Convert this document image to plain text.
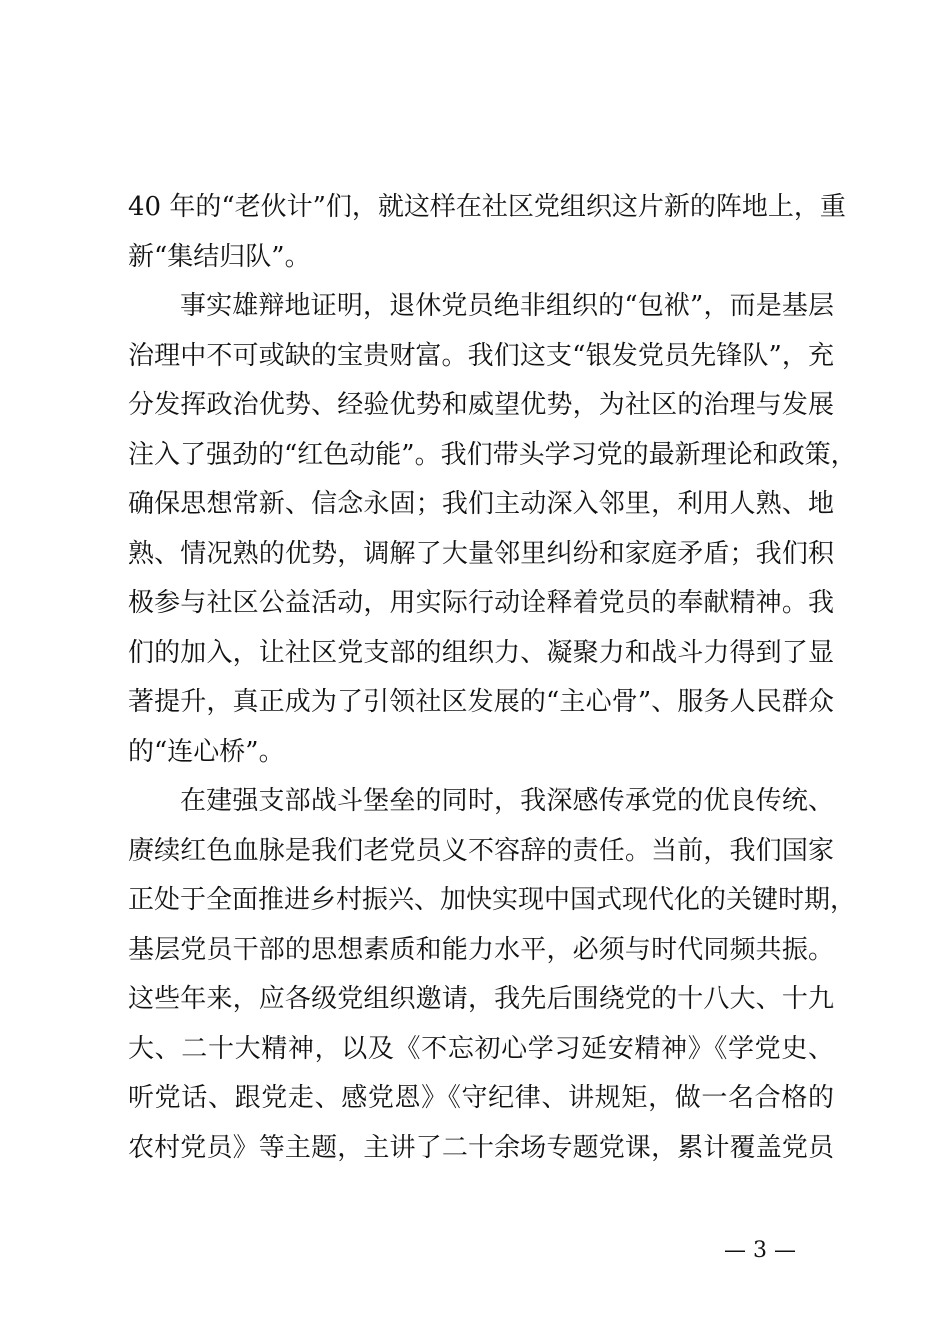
40 年的“老伙计”们，就这样在社区党组织这片新的阵地上，重
新“集结归队”。
事实雄辩地证明，退休党员绝非组织的“包袱”，而是基层
治理中不可或缺的宝贵财富。我们这支“银发党员先锋队”，充
分发挥政治优势、经验优势和威望优势，为社区的治理与发展
注入了强劲的“红色动能”。我们带头学习党的最新理论和政策，
确保思想常新、信念永固；我们主动深入邻里，利用人熟、地
熟、情况熟的优势，调解了大量邻里纠纷和家庭矛盾；我们积
极参与社区公益活动，用实际行动诠释着党员的奉献精神。我
们的加入，让社区党支部的组织力、凝聚力和战斗力得到了显
著提升，真正成为了引领社区发展的“主心骨”、服务人民群众
的“连心桥”。
在建强支部战斗堡垒的同时，我深感传承党的优良传统、
赓续红色血脉是我们老党员义不容辞的责任。当前，我们国家
正处于全面推进乡村振兴、加快实现中国式现代化的关键时期，
基层党员干部的思想素质和能力水平，必须与时代同频共振。
这些年来，应各级党组织邀请，我先后围绕党的十八大、十九
大、二十大精神，以及《不忘初心学习延安精神》《学党史、
听党话、跟党走、感党恩》《守纪律、讲规矩，做一名合格的
农村党员》等主题，主讲了二十余场专题党课，累计覆盖党员
— 3 —
